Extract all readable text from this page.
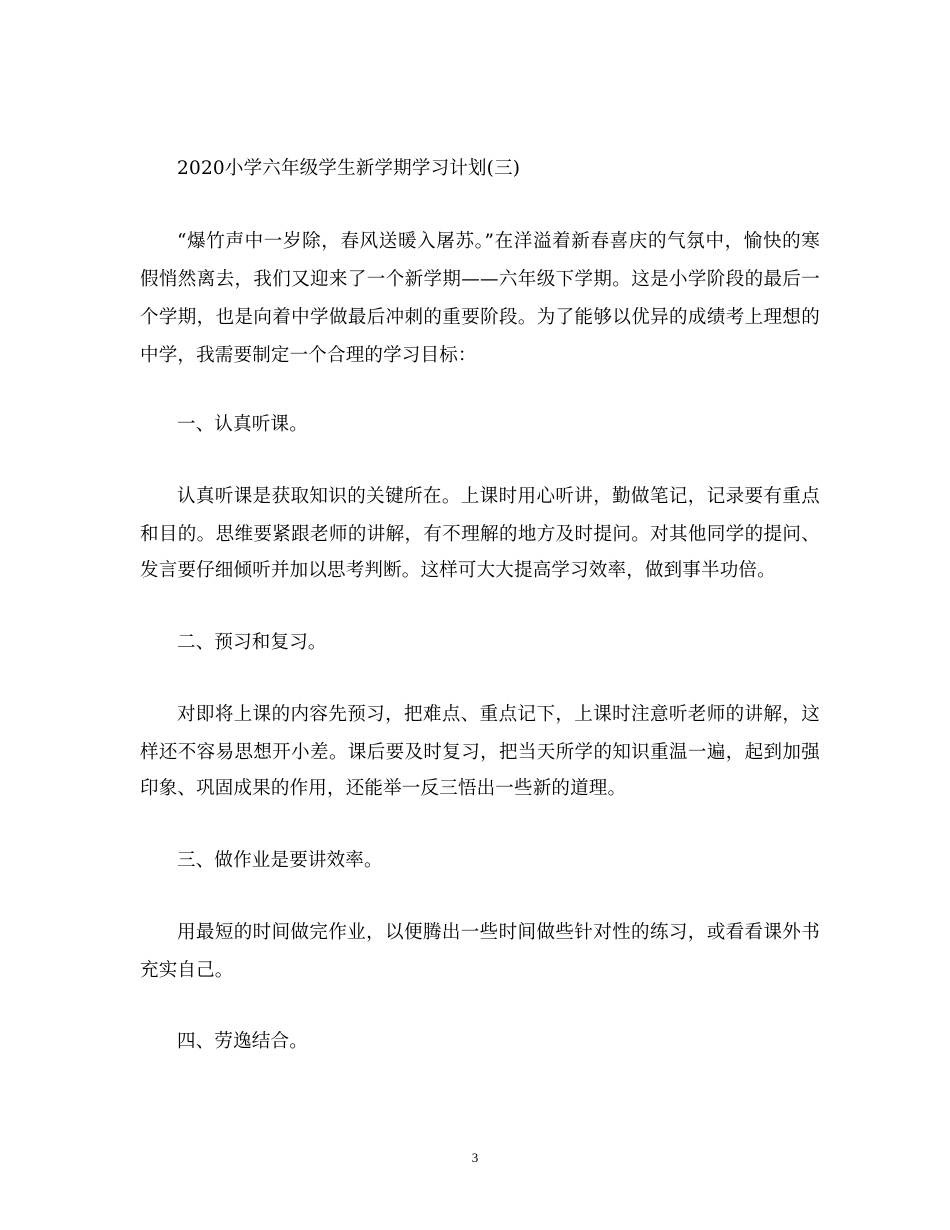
2020小学六年级学生新学期学习计划(三)
“爆竹声中一岁除，春风送暖入屠苏。”在洋溢着新春喜庆的气氛中，愉快的寒
假悄然离去，我们又迎来了一个新学期——六年级下学期。这是小学阶段的最后一
个学期，也是向着中学做最后冲刺的重要阶段。为了能够以优异的成绩考上理想的
中学，我需要制定一个合理的学习目标：
一、认真听课。
认真听课是获取知识的关键所在。上课时用心听讲，勤做笔记，记录要有重点
和目的。思维要紧跟老师的讲解，有不理解的地方及时提问。对其他同学的提问、
发言要仔细倾听并加以思考判断。这样可大大提高学习效率，做到事半功倍。
二、预习和复习。
对即将上课的内容先预习，把难点、重点记下，上课时注意听老师的讲解，这
样还不容易思想开小差。课后要及时复习，把当天所学的知识重温一遍，起到加强
印象、巩固成果的作用，还能举一反三悟出一些新的道理。
三、做作业是要讲效率。
用最短的时间做完作业，以便腾出一些时间做些针对性的练习，或看看课外书
充实自己。
四、劳逸结合。
3
